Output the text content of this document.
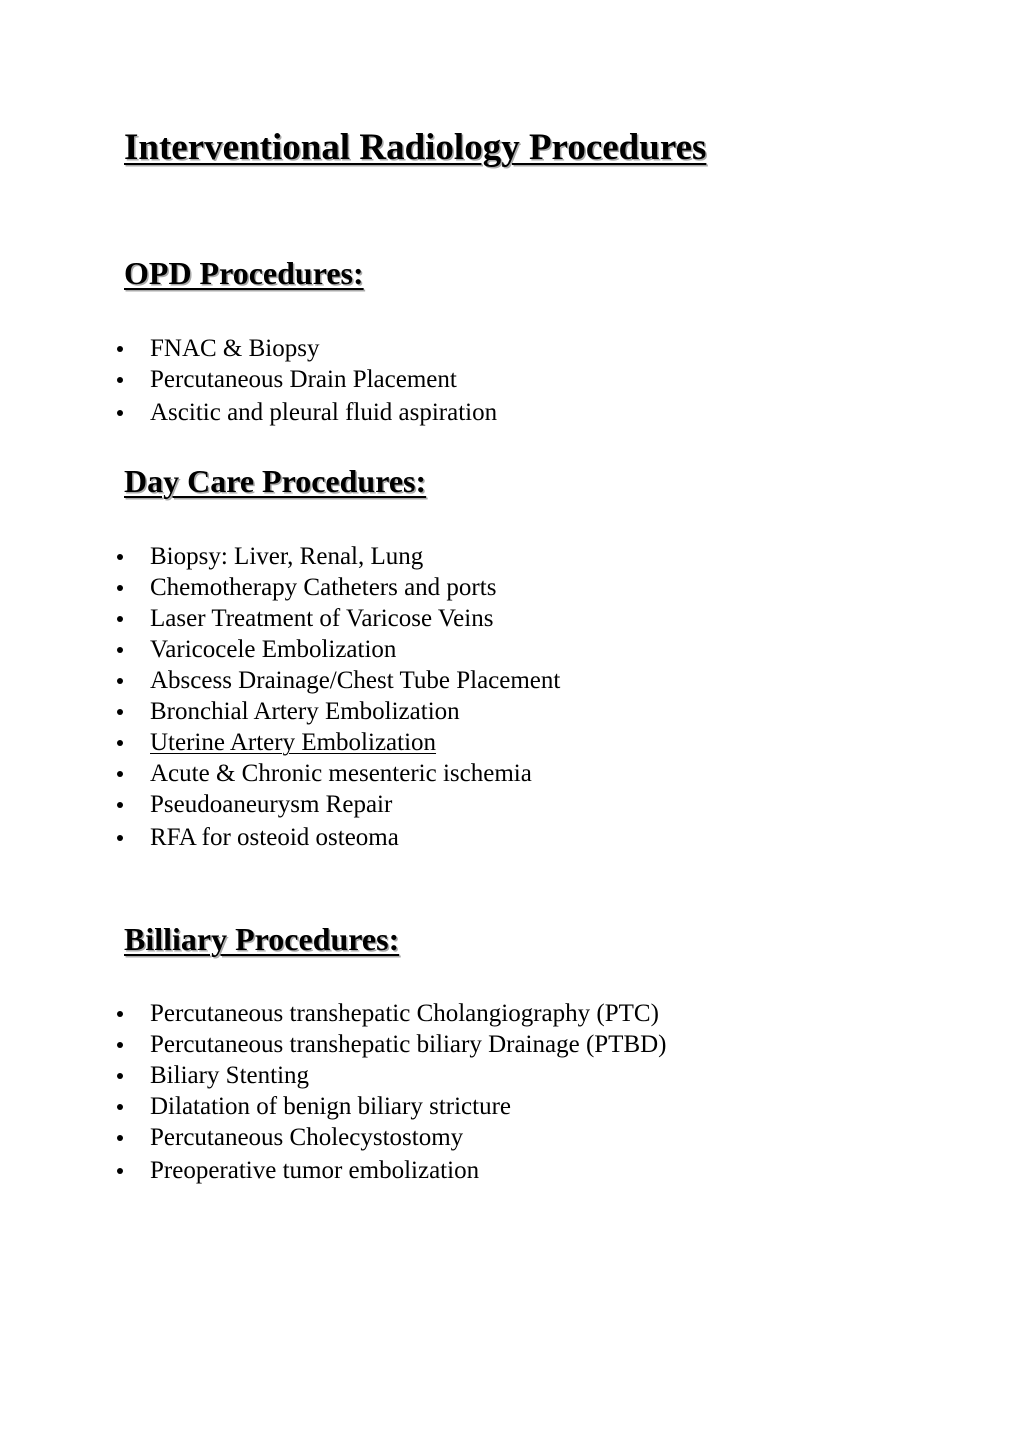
Interventional Radiology Procedures
OPD Procedures:
FNAC & Biopsy
Percutaneous Drain Placement
Ascitic and pleural fluid aspiration
Day Care Procedures:
Biopsy: Liver, Renal, Lung
Chemotherapy Catheters and ports
Laser Treatment of Varicose Veins
Varicocele Embolization
Abscess Drainage/Chest Tube Placement
Bronchial Artery Embolization
Uterine Artery Embolization
Acute & Chronic mesenteric ischemia
Pseudoaneurysm Repair
RFA for osteoid osteoma
Billiary Procedures:
Percutaneous transhepatic Cholangiography (PTC)
Percutaneous transhepatic biliary Drainage (PTBD)
Biliary Stenting
Dilatation of benign biliary stricture
Percutaneous Cholecystostomy
Preoperative tumor embolization
